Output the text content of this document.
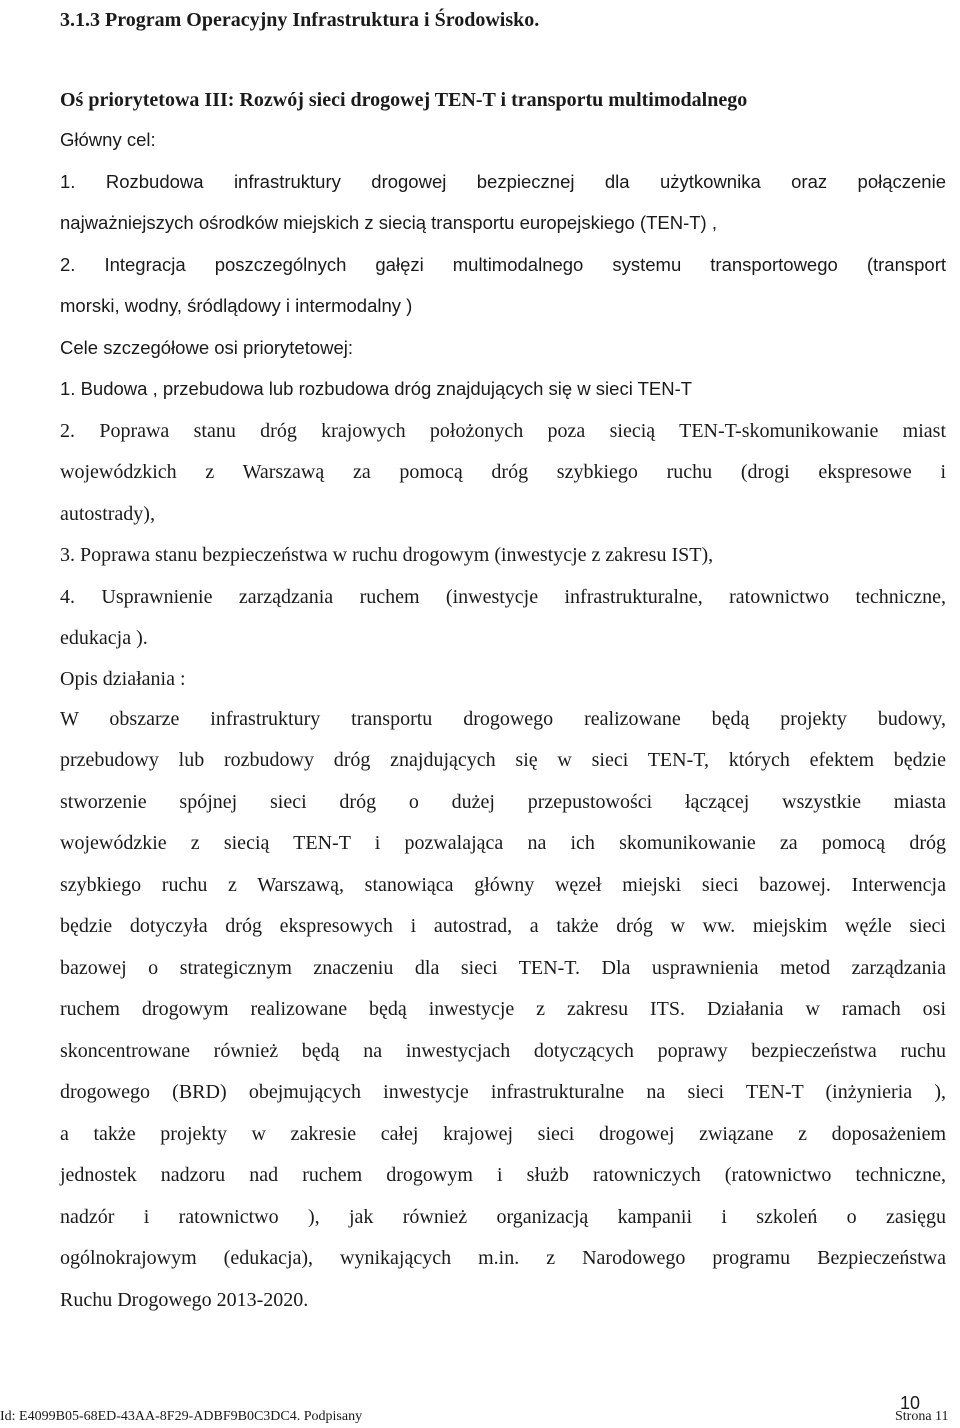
3.1.3 Program Operacyjny Infrastruktura i Środowisko.
Oś priorytetowa III: Rozwój sieci drogowej TEN-T i transportu multimodalnego
Główny cel:
1. Rozbudowa infrastruktury drogowej bezpiecznej dla użytkownika oraz połączenie
najważniejszych ośrodków miejskich z siecią transportu europejskiego (TEN-T) ,
2. Integracja poszczególnych gałęzi multimodalnego systemu transportowego (transport
morski, wodny, śródlądowy i intermodalny )
Cele szczegółowe osi priorytetowej:
1. Budowa , przebudowa lub rozbudowa dróg znajdujących się w sieci TEN-T
2. Poprawa stanu dróg krajowych położonych poza siecią TEN-T-skomunikowanie miast
wojewódzkich z Warszawą za pomocą dróg szybkiego ruchu (drogi ekspresowe i
autostrady),
3. Poprawa stanu bezpieczeństwa w ruchu drogowym (inwestycje z zakresu IST),
4. Usprawnienie zarządzania ruchem (inwestycje infrastrukturalne, ratownictwo techniczne,
edukacja ).
Opis działania :
W obszarze infrastruktury transportu drogowego realizowane będą projekty budowy,
przebudowy lub rozbudowy dróg znajdujących się w sieci TEN-T, których efektem będzie
stworzenie spójnej sieci dróg o dużej przepustowości łączącej wszystkie miasta
wojewódzkie z siecią TEN-T i pozwalająca na ich skomunikowanie za pomocą dróg
szybkiego ruchu z Warszawą, stanowiąca główny węzeł miejski sieci bazowej. Interwencja
będzie dotyczyła dróg ekspresowych i autostrad, a także dróg w ww. miejskim węźle sieci
bazowej o strategicznym znaczeniu dla sieci TEN-T. Dla usprawnienia metod zarządzania
ruchem drogowym realizowane będą inwestycje z zakresu ITS. Działania w ramach osi
skoncentrowane również będą na inwestycjach dotyczących poprawy bezpieczeństwa ruchu
drogowego (BRD) obejmujących inwestycje infrastrukturalne na sieci TEN-T (inżynieria ),
a także projekty w zakresie całej krajowej sieci drogowej związane z doposażeniem
jednostek nadzoru nad ruchem drogowym i służb ratowniczych (ratownictwo techniczne,
nadzór i ratownictwo ), jak również organizacją kampanii i szkoleń o zasięgu
ogólnokrajowym (edukacja), wynikających m.in. z Narodowego programu Bezpieczeństwa
Ruchu Drogowego 2013-2020.
Id: E4099B05-68ED-43AA-8F29-ADBF9B0C3DC4. Podpisany
10
Strona 11
